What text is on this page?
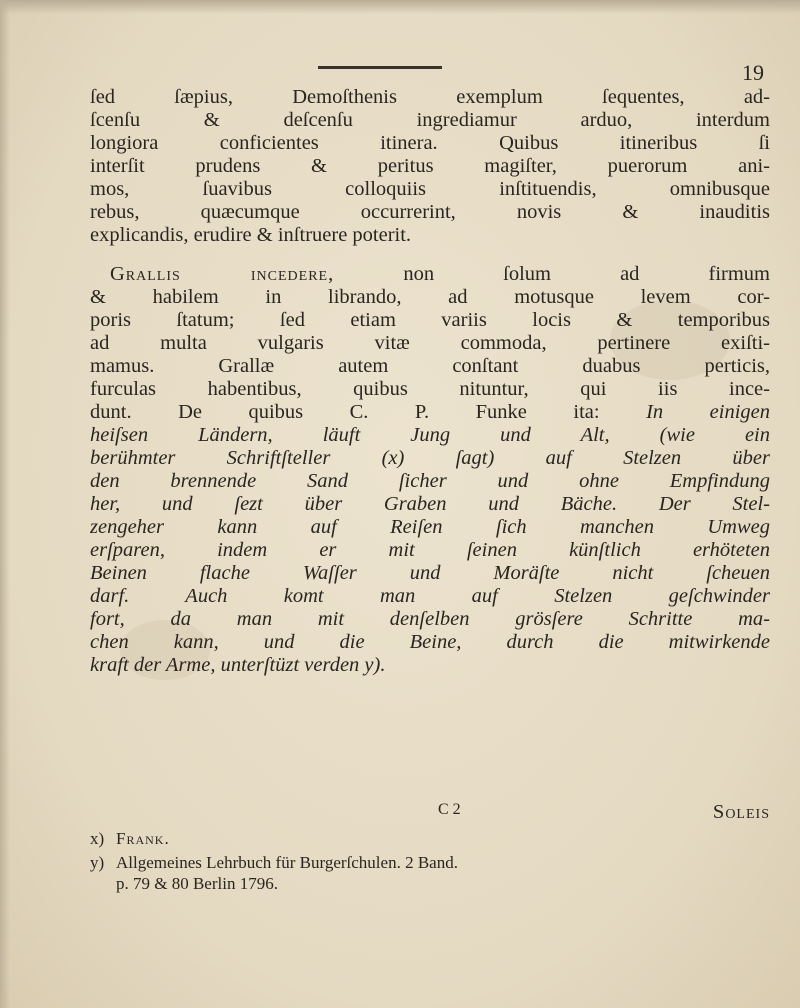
19
ſed ſæpius, Demoſthenis exemplum ſequentes, ad-
ſcenſu & deſcenſu ingrediamur arduo, interdum
longiora conficientes itinera. Quibus itineribus ſi
interſit prudens & peritus magiſter, puerorum ani-
mos, ſuavibus colloquiis inſtituendis, omnibusque
rebus, quæcumque occurrerint, novis & inauditis
explicandis, erudire & inſtruere poterit.
Grallis incedere, non ſolum ad firmum
& habilem in librando, ad motusque levem cor-
poris ſtatum; ſed etiam variis locis & temporibus
ad multa vulgaris vitæ commoda, pertinere exiſti-
mamus. Grallæ autem conſtant duabus perticis,
furculas habentibus, quibus nituntur, qui iis ince-
dunt. De quibus C. P. Funke ita: In einigen
heiſsen Ländern, läuft Jung und Alt, (wie ein
berühmter Schriftſteller (x) ſagt) auf Stelzen über
den brennende Sand ſicher und ohne Empfindung
her, und ſezt über Graben und Bäche. Der Stel-
zengeher kann auf Reiſen ſich manchen Umweg
erſparen, indem er mit ſeinen künſtlich erhöteten
Beinen flache Waſſer und Moräſte nicht ſcheuen
darf. Auch komt man auf Stelzen geſchwinder
fort, da man mit denſelben grösſere Schritte ma-
chen kann, und die Beine, durch die mitwirkende
kraft der Arme, unterſtüzt verden y).
C 2	Soleis

x) Frank.

y) Allgemeines Lehrbuch für Burgerſchulen. 2 Band.
p. 79 & 80 Berlin 1796.
